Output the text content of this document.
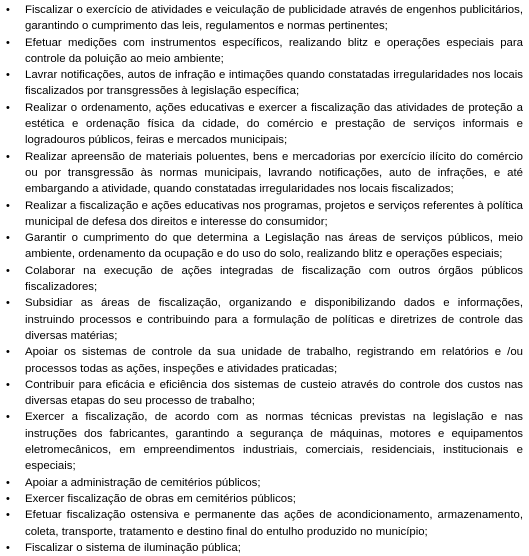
•	Fiscalizar o exercício de atividades e veiculação de publicidade através de engenhos publicitários, garantindo o cumprimento das leis, regulamentos e normas pertinentes;
•	Efetuar medições com instrumentos específicos, realizando blitz e operações especiais para controle da poluição ao meio ambiente;
•	Lavrar notificações, autos de infração e intimações quando constatadas irregularidades nos locais fiscalizados por transgressões à legislação específica;
•	Realizar o ordenamento, ações educativas e exercer a fiscalização das atividades de proteção a estética e ordenação física da cidade, do comércio e prestação de serviços informais e logradouros públicos, feiras e mercados municipais;
•	Realizar apreensão de materiais poluentes, bens e mercadorias por exercício ilícito do comércio ou por transgressão às normas municipais, lavrando notificações, auto de infrações, e até embargando a atividade, quando constatadas irregularidades nos locais fiscalizados;
•	Realizar a fiscalização e ações educativas nos programas, projetos e serviços referentes à política municipal de defesa dos direitos e interesse do consumidor;
•	Garantir o cumprimento do que determina a Legislação nas áreas de serviços públicos, meio ambiente, ordenamento da ocupação e do uso do solo, realizando blitz e operações especiais;
•	Colaborar na execução de ações integradas de fiscalização com outros órgãos públicos fiscalizadores;
•	Subsidiar as áreas de fiscalização, organizando e disponibilizando dados e informações, instruindo processos e contribuindo para a formulação de políticas e diretrizes de controle das diversas matérias;
•	Apoiar os sistemas de controle da sua unidade de trabalho, registrando em relatórios e /ou processos todas as ações, inspeções e atividades praticadas;
•	Contribuir para eficácia e eficiência dos sistemas de custeio através do controle dos custos nas diversas etapas do seu processo de trabalho;
•	Exercer a fiscalização, de acordo com as normas técnicas previstas na legislação e nas instruções dos fabricantes, garantindo a segurança de máquinas, motores e equipamentos eletromecânicos, em empreendimentos industriais, comerciais, residenciais, institucionais e especiais;
•	Apoiar a administração de cemitérios públicos;
•	Exercer fiscalização de obras em cemitérios públicos;
•	Efetuar fiscalização ostensiva e permanente das ações de acondicionamento, armazenamento, coleta, transporte, tratamento e destino final do entulho produzido no município;
•	Fiscalizar o sistema de iluminação pública;
